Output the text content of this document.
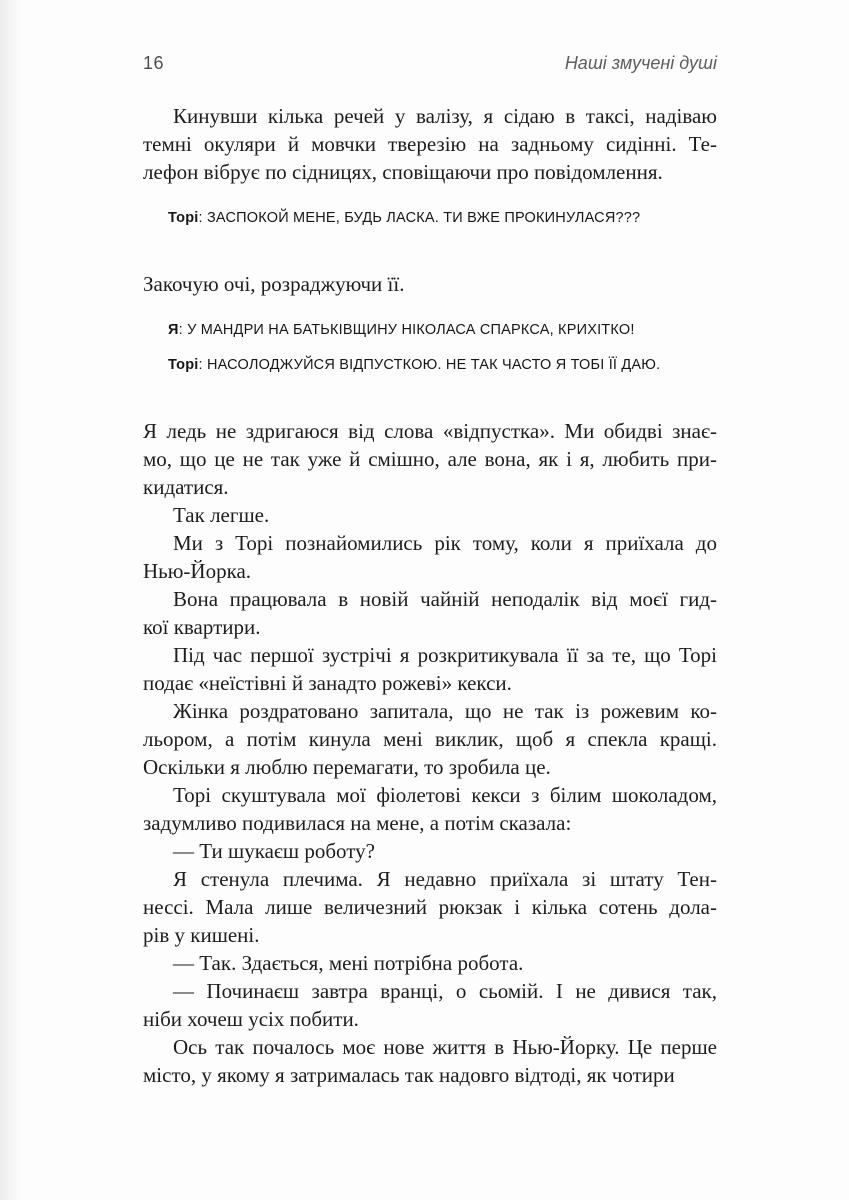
16	Наші змучені душі

Кинувши кілька речей у валізу, я сідаю в таксі, надіваю
темні окуляри й мовчки тверезію на задньому сидінні. Те-
лефон вібрує по сідницях, сповіщаючи про повідомлення.

Торі: ЗАСПОКОЙ МЕНЕ, БУДЬ ЛАСКА. ТИ ВЖЕ ПРОКИНУЛАСЯ???

Закочую очі, розраджуючи її.

Я: У МАНДРИ НА БАТЬКІВЩИНУ НІКОЛАСА СПАРКСА, КРИХІТКО!

Торі: НАСОЛОДЖУЙСЯ ВІДПУСТКОЮ. НЕ ТАК ЧАСТО Я ТОБІ ЇЇ ДАЮ.

Я ледь не здригаюся від слова «відпустка». Ми обидві знає-
мо, що це не так уже й смішно, але вона, як і я, любить при-
кидатися.

Так легше.

Ми з Торі познайомились рік тому, коли я приїхала до
Нью-Йорка.

Вона працювала в новій чайній неподалік від моєї гид-
кої квартири.

Під час першої зустрічі я розкритикувала її за те, що Торі
подає «неїстівні й занадто рожеві» кекси.

Жінка роздратовано запитала, що не так із рожевим ко-
льором, а потім кинула мені виклик, щоб я спекла кращі.
Оскільки я люблю перемагати, то зробила це.

Торі скуштувала мої фіолетові кекси з білим шоколадом,
задумливо подивилася на мене, а потім сказала:

— Ти шукаєш роботу?

Я стенула плечима. Я недавно приїхала зі штату Тен-
нессі. Мала лише величезний рюкзак і кілька сотень дола-
рів у кишені.

— Так. Здається, мені потрібна робота.

— Починаєш завтра вранці, о сьомій. І не дивися так,
ніби хочеш усіх побити.

Ось так почалось моє нове життя в Нью-Йорку. Це перше
місто, у якому я затрималась так надовго відтоді, як чотири
